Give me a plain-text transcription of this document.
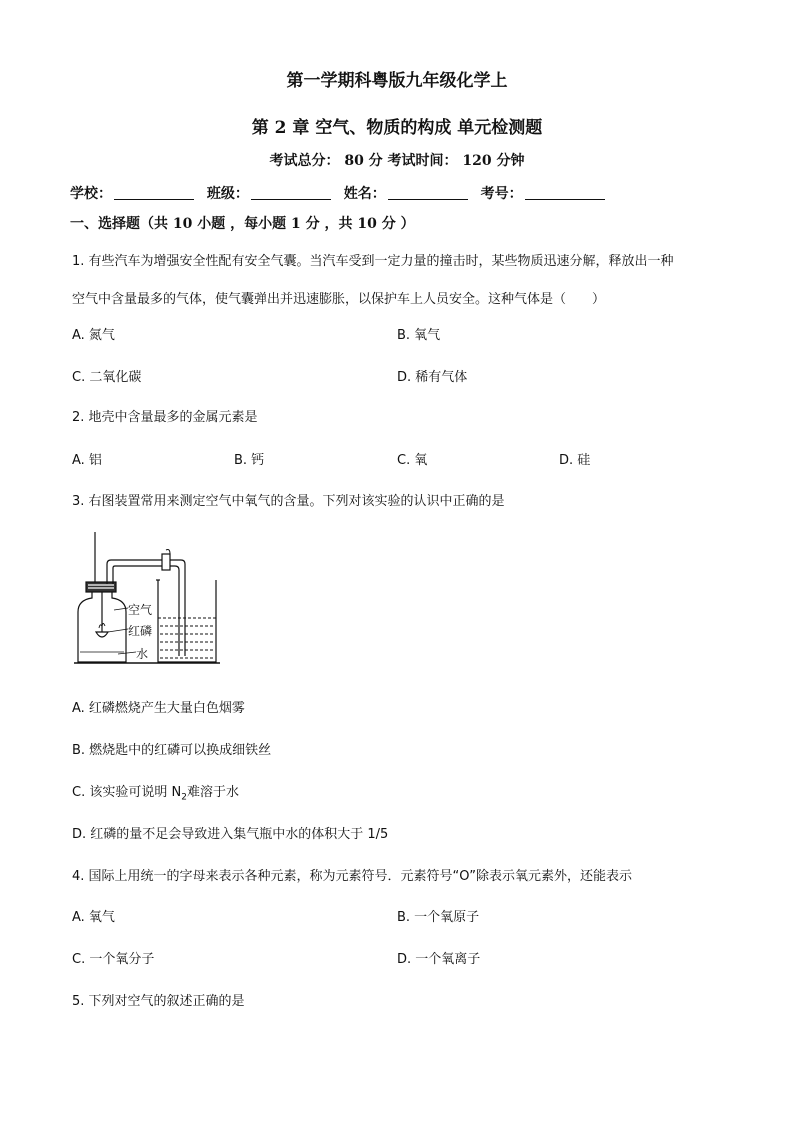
第一学期科粤版九年级化学上
第 2 章 空气、物质的构成 单元检测题
考试总分： 80 分 考试时间： 120 分钟
学校：	班级：	姓名：	考号：
一、选择题（共 10 小题 ，每小题 1 分 ，共 10 分 ）
1. 有些汽车为增强安全性配有安全气囊。当汽车受到一定力量的撞击时，某些物质迅速分解，释放出一种
空气中含量最多的气体，使气囊弹出并迅速膨胀，以保护车上人员安全。这种气体是（　　）
A. 氮气	B. 氧气
C. 二氧化碳	D. 稀有气体
2. 地壳中含量最多的金属元素是
A. 铝	B. 钙	C. 氧	D. 硅
3. 右图装置常用来测定空气中氧气的含量。下列对该实验的认识中正确的是
空气
红磷
水
A. 红磷燃烧产生大量白色烟雾
B. 燃烧匙中的红磷可以换成细铁丝
C. 该实验可说明 $N_2$难溶于水
D. 红磷的量不足会导致进入集气瓶中水的体积大于 1/5
4. 国际上用统一的字母来表示各种元素，称为元素符号．元素符号“O”除表示氧元素外，还能表示
A. 氧气	B. 一个氧原子
C. 一个氧分子	D. 一个氧离子
5. 下列对空气的叙述正确的是
